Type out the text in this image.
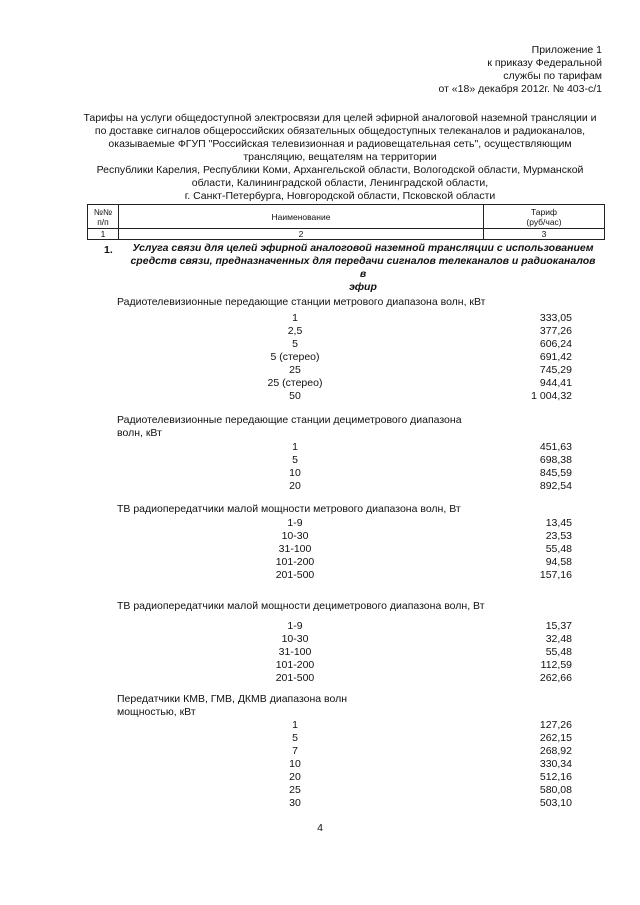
Приложение 1
к приказу Федеральной
службы по тарифам
от «18» декабря 2012г. № 403-с/1
Тарифы на услуги общедоступной электросвязи для целей эфирной аналоговой наземной трансляции и
по доставке сигналов общероссийских обязательных общедоступных телеканалов и радиоканалов,
оказываемые ФГУП "Российская телевизионная и радиовещательная сеть", осуществляющим
трансляцию, вещателям на территории
Республики Карелия, Республики Коми, Архангельской области, Вологодской области, Мурманской
области, Калининградской области, Ленинградской области,
г. Санкт-Петербурга, Новгородской области, Псковской области
№№ п/п	Наименование	Тариф
(руб/час)

1	2	3
1.	Услуга связи для целей эфирной аналоговой наземной трансляции с использованием
средств связи, предназначенных для передачи сигналов телеканалов и радиоканалов в
эфир
Радиотелевизионные передающие станции метрового диапазона волн, кВт
1	333,05
2,5	377,26
5	606,24
5 (стерео)	691,42
25	745,29
25 (стерео)	944,41
50	1 004,32
Радиотелевизионные передающие станции дециметрового диапазона
волн, кВт
1	451,63
5	698,38
10	845,59
20	892,54
ТВ радиопередатчики малой мощности метрового диапазона волн, Вт
1-9	13,45
10-30	23,53
31-100	55,48
101-200	94,58
201-500	157,16
ТВ радиопередатчики малой мощности дециметрового диапазона волн, Вт
1-9	15,37
10-30	32,48
31-100	55,48
101-200	112,59
201-500	262,66
Передатчики КМВ, ГМВ, ДКМВ диапазона волн
мощностью, кВт
1	127,26
5	262,15
7	268,92
10	330,34
20	512,16
25	580,08
30	503,10
4
